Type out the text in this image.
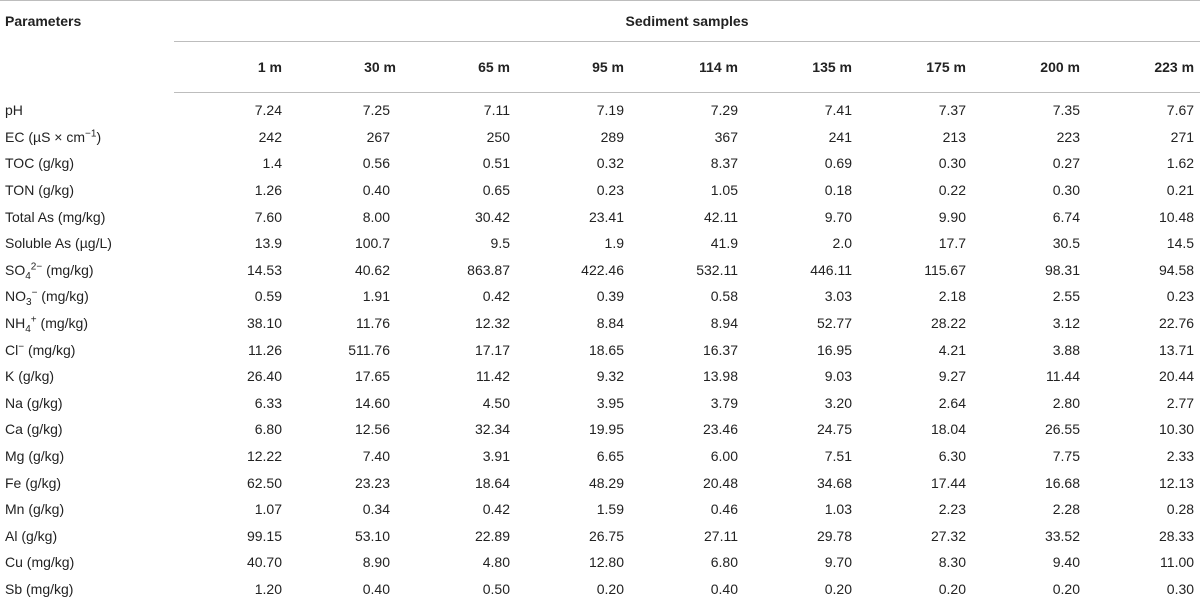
Parameters	Sediment samples								
	1 m	30 m	65 m	95 m	114 m	135 m	175 m	200 m	223 m
pH	7.24	7.25	7.11	7.19	7.29	7.41	7.37	7.35	7.67
EC $(\mu S \times cm^{-1})$	242	267	250	289	367	241	213	223	271
TOC (g/kg)	1.4	0.56	0.51	0.32	8.37	0.69	0.30	0.27	1.62
TON (g/kg)	1.26	0.40	0.65	0.23	1.05	0.18	0.22	0.30	0.21
Total As (mg/kg)	7.60	8.00	30.42	23.41	42.11	9.70	9.90	6.74	10.48
Soluble As (µg/L)	13.9	100.7	9.5	1.9	41.9	2.0	17.7	30.5	14.5
$SO_4^{2-}$ (mg/kg)	14.53	40.62	863.87	422.46	532.11	446.11	115.67	98.31	94.58
$NO_3^-$ (mg/kg)	0.59	1.91	0.42	0.39	0.58	3.03	2.18	2.55	0.23
$NH_4^+$ (mg/kg)	38.10	11.76	12.32	8.84	8.94	52.77	28.22	3.12	22.76
Cl− (mg/kg)	11.26	511.76	17.17	18.65	16.37	16.95	4.21	3.88	13.71
K (g/kg)	26.40	17.65	11.42	9.32	13.98	9.03	9.27	11.44	20.44
Na (g/kg)	6.33	14.60	4.50	3.95	3.79	3.20	2.64	2.80	2.77
Ca (g/kg)	6.80	12.56	32.34	19.95	23.46	24.75	18.04	26.55	10.30
Mg (g/kg)	12.22	7.40	3.91	6.65	6.00	7.51	6.30	7.75	2.33
Fe (g/kg)	62.50	23.23	18.64	48.29	20.48	34.68	17.44	16.68	12.13
Mn (g/kg)	1.07	0.34	0.42	1.59	0.46	1.03	2.23	2.28	0.28
Al (g/kg)	99.15	53.10	22.89	26.75	27.11	29.78	27.32	33.52	28.33
Cu (mg/kg)	40.70	8.90	4.80	12.80	6.80	9.70	8.30	9.40	11.00
Sb (mg/kg)	1.20	0.40	0.50	0.20	0.40	0.20	0.20	0.20	0.30
